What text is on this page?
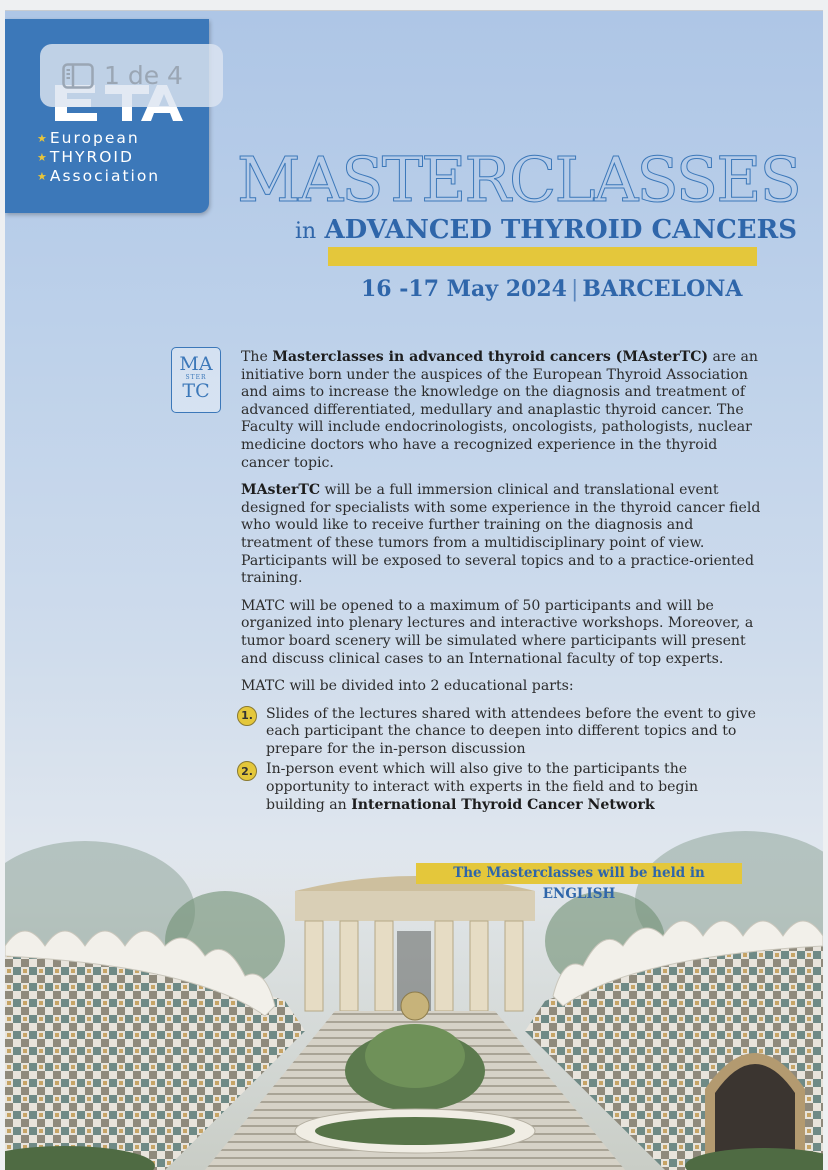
★ European
★ THYROID
★ Association
1 de 4
MASTERCLASSES
in ADVANCED THYROID CANCERS
16 -17 May 2024 | BARCELONA
MA
STER
TC

The Masterclasses in advanced thyroid cancers (MAsterTC) are an initiative born under the auspices of the European Thyroid Association and aims to increase the knowledge on the diagnosis and treatment of advanced differentiated, medullary and anaplastic thyroid cancer. The Faculty will include endocrinologists, oncologists, pathologists, nuclear medicine doctors who have a recognized experience in the thyroid cancer topic.

MAsterTC will be a full immersion clinical and translational event designed for specialists with some experience in the thyroid cancer field who would like to receive further training on the diagnosis and treatment of these tumors from a multidisciplinary point of view. Participants will be exposed to several topics and to a practice-oriented training.

MATC will be opened to a maximum of 50 participants and will be organized into plenary lectures and interactive workshops. Moreover, a tumor board scenery will be simulated where participants will present and discuss clinical cases to an International faculty of top experts.

MATC will be divided into 2 educational parts:

1. Slides of the lectures shared with attendees before the event to give each participant the chance to deepen into different topics and to prepare for the in-person discussion
2. In-person event which will also give to the participants the opportunity to interact with experts in the field and to begin building an International Thyroid Cancer Network
The Masterclasses will be held in ENGLISH
